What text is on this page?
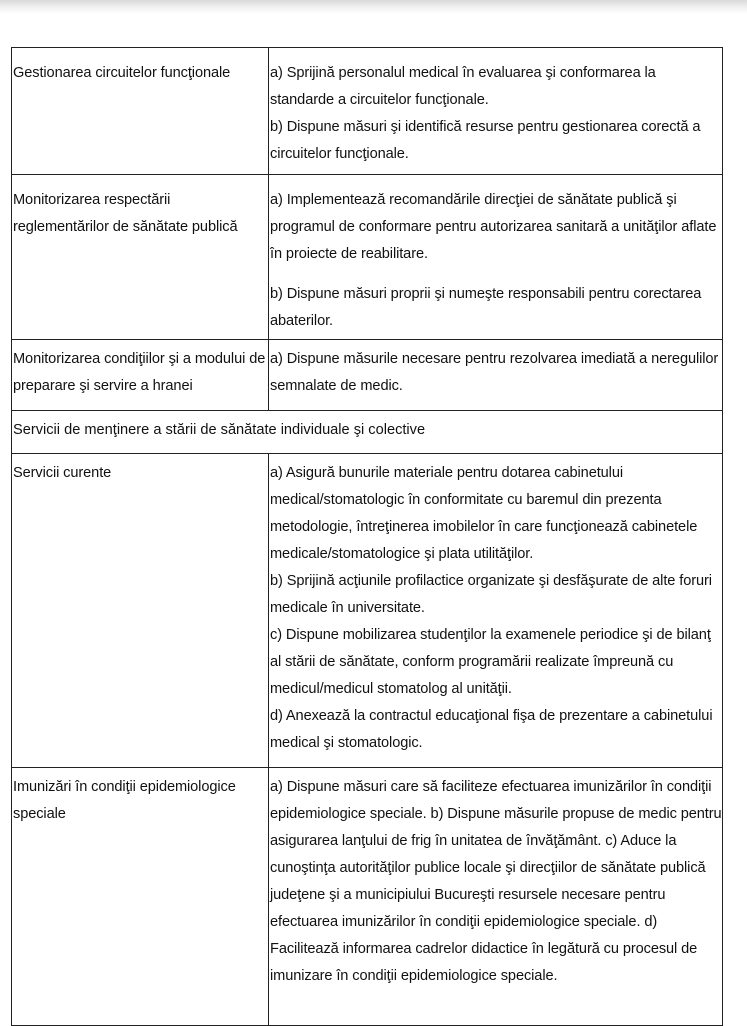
Gestionarea circuitelor funcţionale	a) Sprijină personalul medical în evaluarea şi conformarea la standarde a circuitelor funcţionale.
b) Dispune măsuri şi identifică resurse pentru gestionarea corectă a circuitelor funcţionale.
Monitorizarea respectării reglementărilor de sănătate publică
a) Implementează recomandările direcţiei de sănătate publică şi programul de conformare pentru autorizarea sanitară a unităţilor aflate în proiecte de reabilitare.
b) Dispune măsuri proprii şi numeşte responsabili pentru corectarea abaterilor.
Monitorizarea condiţiilor şi a modului de preparare şi servire a hranei
a) Dispune măsurile necesare pentru rezolvarea imediată a neregulilor semnalate de medic.
Servicii de menţinere a stării de sănătate individuale şi colective
Servicii curente	a) Asigură bunurile materiale pentru dotarea cabinetului medical/stomatologic în conformitate cu baremul din prezenta metodologie, întreţinerea imobilelor în care funcţionează cabinetele medicale/stomatologice şi plata utilităţilor.
b) Sprijină acţiunile profilactice organizate şi desfăşurate de alte foruri medicale în universitate.
c) Dispune mobilizarea studenţilor la examenele periodice şi de bilanţ al stării de sănătate, conform programării realizate împreună cu medicul/medicul stomatolog al unităţii.
d) Anexează la contractul educaţional fişa de prezentare a cabinetului medical şi stomatologic.
Imunizări în condiţii epidemiologice speciale
a) Dispune măsuri care să faciliteze efectuarea imunizărilor în condiţii epidemiologice speciale. b) Dispune măsurile propuse de medic pentru asigurarea lanţului de frig în unitatea de învăţământ. c) Aduce la cunoştinţa autorităţilor publice locale şi direcţiilor de sănătate publică judeţene şi a municipiului Bucureşti resursele necesare pentru efectuarea imunizărilor în condiţii epidemiologice speciale. d) Facilitează informarea cadrelor didactice în legătură cu procesul de imunizare în condiţii epidemiologice speciale.
